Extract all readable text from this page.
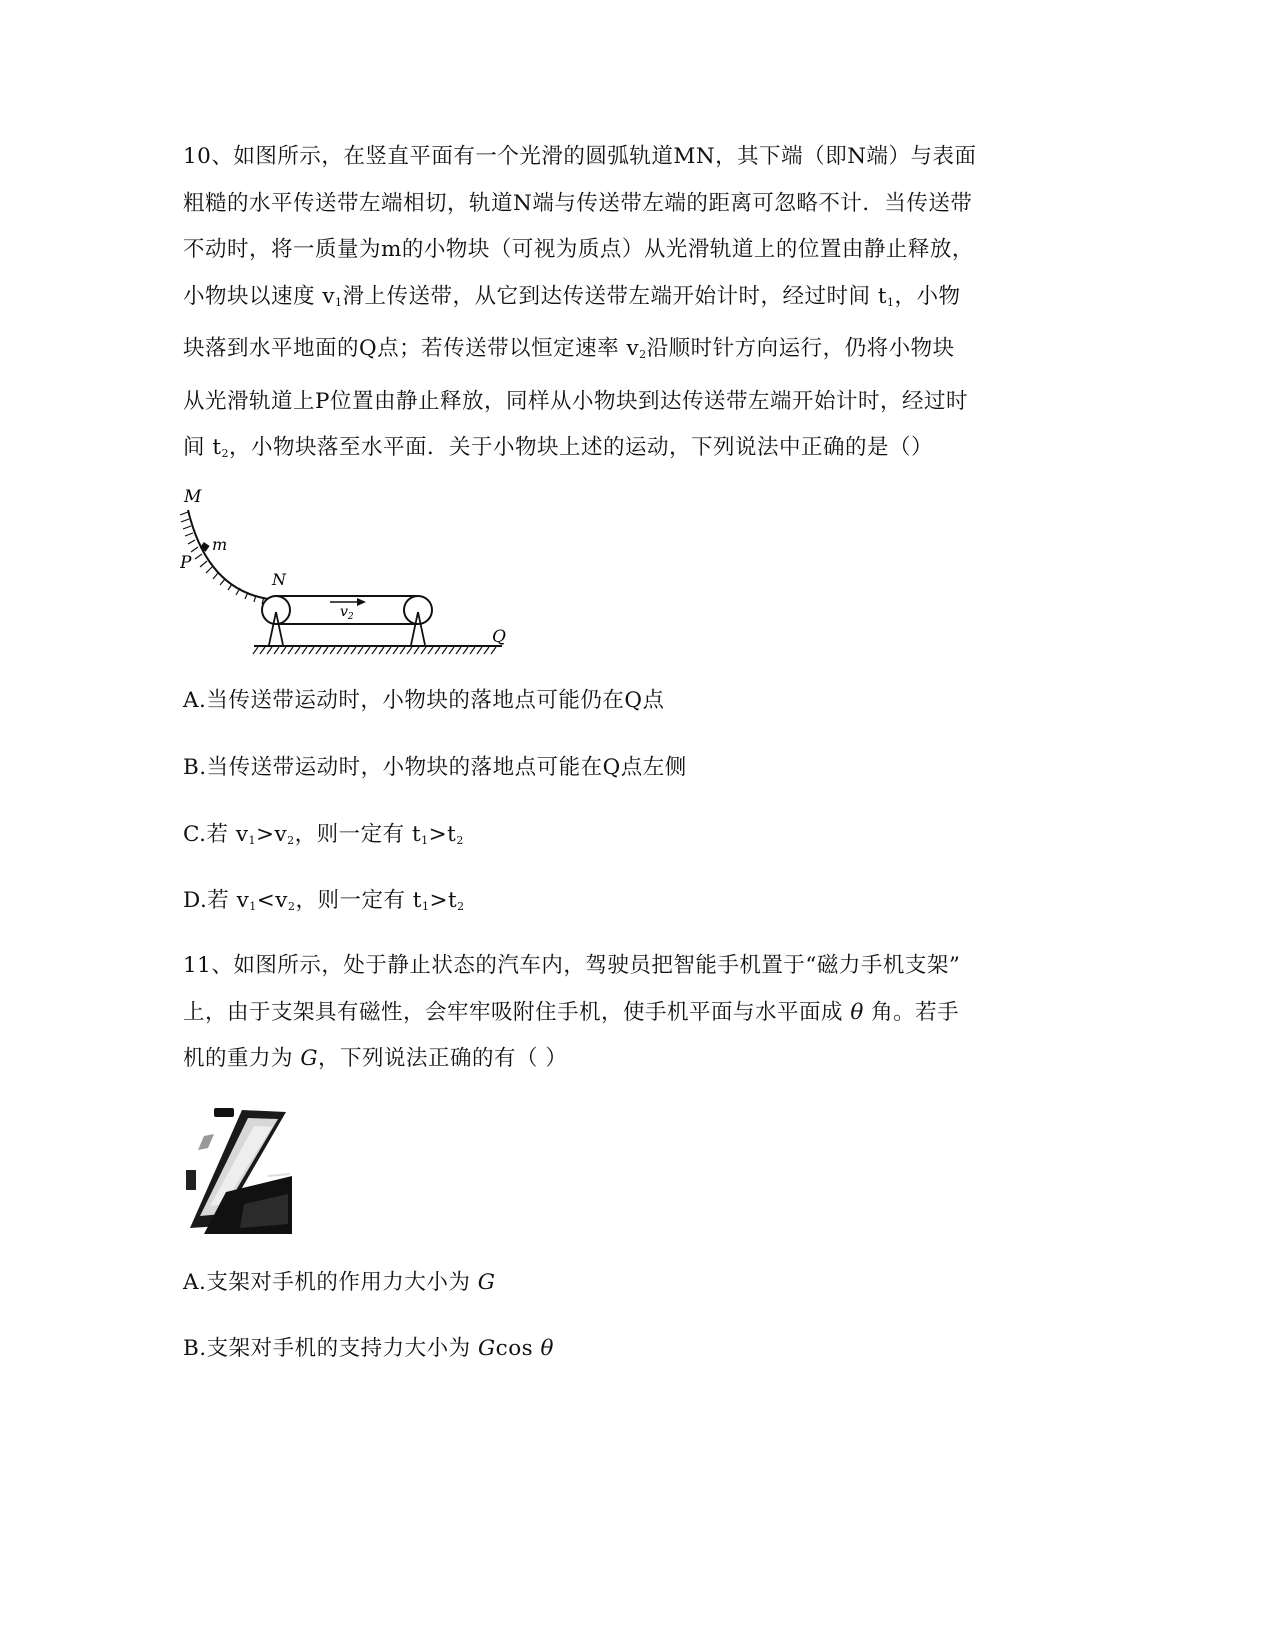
10、如图所示，在竖直平面有一个光滑的圆弧轨道MN，其下端（即N端）与表面
粗糙的水平传送带左端相切，轨道N端与传送带左端的距离可忽略不计．当传送带
不动时，将一质量为m的小物块（可视为质点）从光滑轨道上的位置由静止释放，
小物块以速度 $v_1$滑上传送带，从它到达传送带左端开始计时，经过时间 $t_1$，小物
块落到水平地面的Q点；若传送带以恒定速率 $v_2$沿顺时针方向运行，仍将小物块
从光滑轨道上P位置由静止释放，同样从小物块到达传送带左端开始计时，经过时
间 $t_2$，小物块落至水平面．关于小物块上述的运动，下列说法中正确的是（）
M
m
P
N
$v_2$
Q
A.当传送带运动时，小物块的落地点可能仍在Q点
B.当传送带运动时，小物块的落地点可能在Q点左侧
C.若 $v_1>v_2$，则一定有 $t_1>t_2$
D.若 $v_1<v_2$，则一定有 $t_1>t_2$
11、如图所示，处于静止状态的汽车内，驾驶员把智能手机置于“磁力手机支架”
上，由于支架具有磁性，会牢牢吸附住手机，使手机平面与水平面成 θ 角。若手
机的重力为 G，下列说法正确的有（ ）
A.支架对手机的作用力大小为 G
B.支架对手机的支持力大小为 Gcos θ
